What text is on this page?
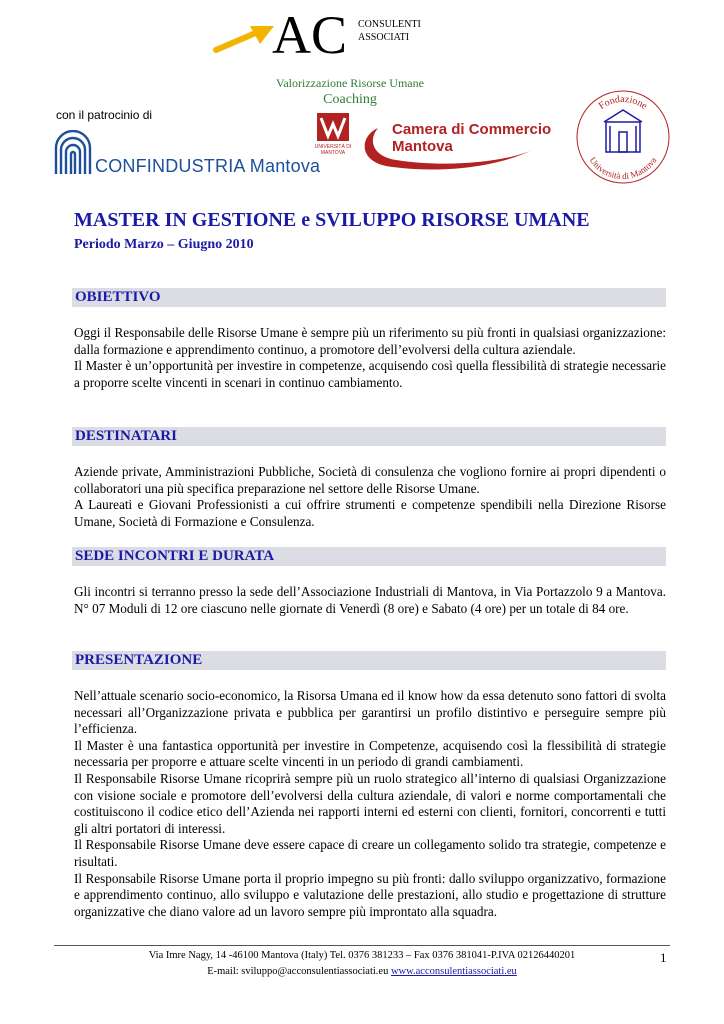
AC CONSULENTI
ASSOCIATI
Valorizzazione Risorse Umane
Coaching
con il patrocinio di
CONFINDUSTRIA Mantova
UNIVERSITÀ DI MANTOVA
Camera di Commercio
Mantova
Fondazione
Università di Mantova
MASTER IN GESTIONE e SVILUPPO RISORSE UMANE
Periodo Marzo – Giugno 2010
OBIETTIVO

Oggi il Responsabile delle Risorse Umane è sempre più un riferimento su più fronti in qualsiasi organizzazione: dalla formazione e apprendimento continuo, a promotore dell’evolversi della cultura aziendale.

Il Master è un’opportunità per investire in competenze, acquisendo così quella flessibilità di strategie necessarie a proporre scelte vincenti in scenari in continuo cambiamento.

DESTINATARI

Aziende private, Amministrazioni Pubbliche, Società di consulenza che vogliono fornire ai propri dipendenti o collaboratori una più specifica preparazione nel settore delle Risorse Umane.

A Laureati e Giovani Professionisti a cui offrire strumenti e competenze spendibili nella Direzione Risorse Umane, Società di Formazione e Consulenza.

SEDE INCONTRI E DURATA

Gli incontri si terranno presso la sede dell’Associazione Industriali di Mantova, in Via Portazzolo 9 a Mantova. N° 07 Moduli di 12 ore ciascuno nelle giornate di Venerdì (8 ore) e Sabato (4 ore) per un totale di 84 ore.

PRESENTAZIONE

Nell’attuale scenario socio-economico, la Risorsa Umana ed il know how da essa detenuto sono fattori di svolta necessari all’Organizzazione privata e pubblica per garantirsi un profilo distintivo e perseguire sempre più l’efficienza.

Il Master è una fantastica opportunità per investire in Competenze, acquisendo così la flessibilità di strategie necessaria per proporre e attuare scelte vincenti in un periodo di grandi cambiamenti.

Il Responsabile Risorse Umane ricoprirà sempre più un ruolo strategico all’interno di qualsiasi Organizzazione con visione sociale e promotore dell’evolversi della cultura aziendale, di valori e norme comportamentali che costituiscono il codice etico dell’Azienda nei rapporti interni ed esterni con clienti, fornitori, concorrenti e tutti gli altri portatori di interessi.

Il Responsabile Risorse Umane deve essere capace di creare un collegamento solido tra strategie, competenze e risultati.

Il Responsabile Risorse Umane porta il proprio impegno su più fronti: dallo sviluppo organizzativo, formazione e apprendimento continuo, allo sviluppo e valutazione delle prestazioni, allo studio e progettazione di strutture organizzative che diano valore ad un lavoro sempre più improntato alla squadra.

Via Imre Nagy, 14 -46100 Mantova (Italy) Tel. 0376 381233 – Fax 0376 381041-P.IVA 02126440201	1
E-mail: sviluppo@acconsulentiassociati.eu www.acconsulentiassociati.eu
